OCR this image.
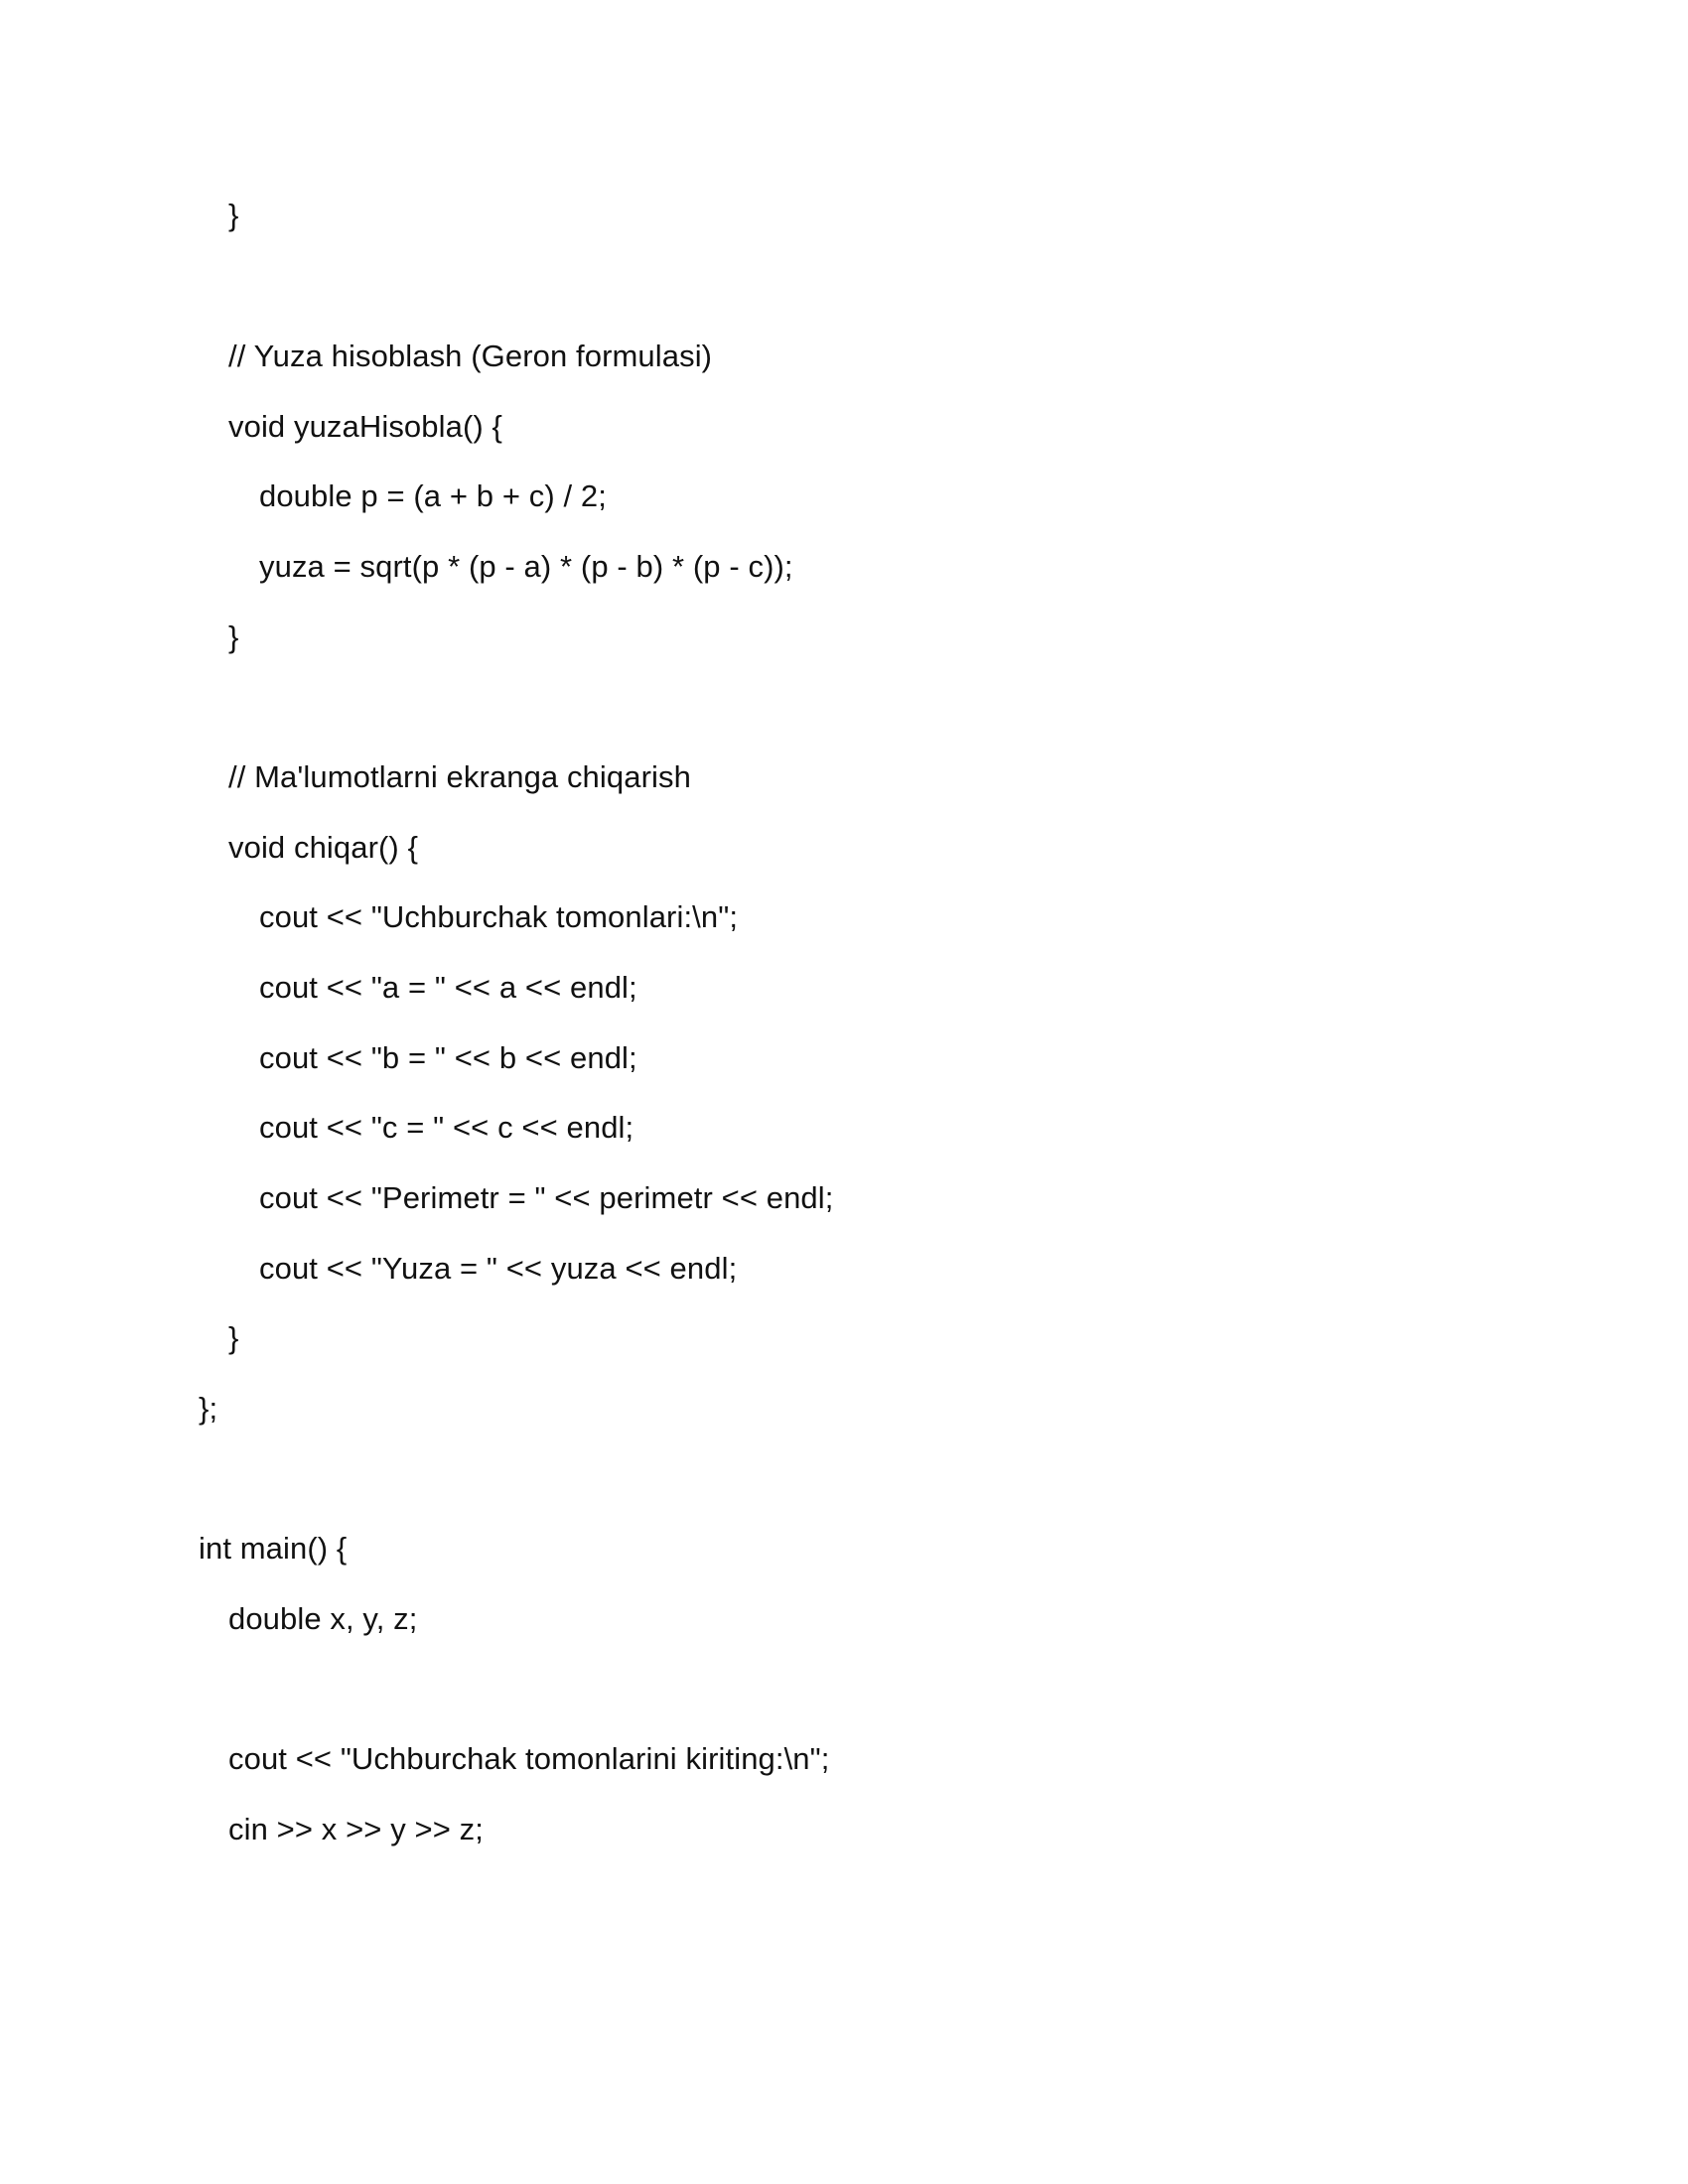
}

// Yuza hisoblash (Geron formulasi)

void yuzaHisobla() {

double p = (a + b + c) / 2;

yuza = sqrt(p * (p - a) * (p - b) * (p - c));

}

// Ma'lumotlarni ekranga chiqarish

void chiqar() {

cout << "Uchburchak tomonlari:\n";

cout << "a = " << a << endl;

cout << "b = " << b << endl;

cout << "c = " << c << endl;

cout << "Perimetr = " << perimetr << endl;

cout << "Yuza = " << yuza << endl;

}

};

int main() {

double x, y, z;

cout << "Uchburchak tomonlarini kiriting:\n";

cin >> x >> y >> z;
